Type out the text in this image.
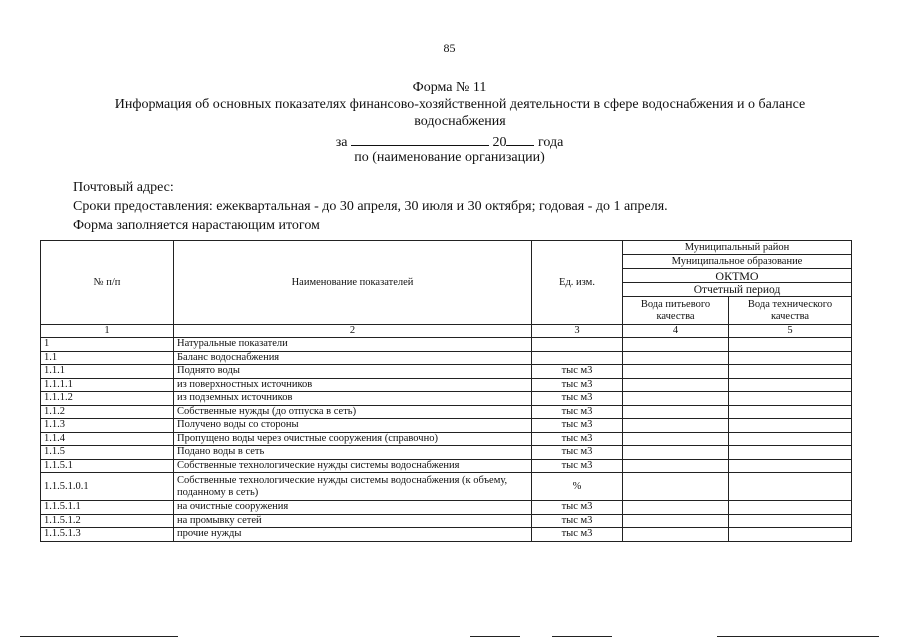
85
Форма № 11
Информация об основных показателях финансово-хозяйственной деятельности в сфере водоснабжения и о балансе водоснабжения
за	20 года
по (наименование организации)
Почтовый адрес:
Сроки предоставления: ежеквартальная - до 30 апреля, 30 июля и 30 октября; годовая - до 1 апреля.
Форма заполняется нарастающим итогом
№ п/п	Наименование показателей	Ед. изм.	Муниципальный район	
			Муниципальное образование	
			ОКТМО	
			Отчетный период	
			Вода питьевого качества	Вода технического качества
1	2	3	4	5
1	Натуральные показатели			
1.1	Баланс водоснабжения			
1.1.1	Поднято воды	тыс м3		
1.1.1.1	из поверхностных источников	тыс м3		
1.1.1.2	из подземных источников	тыс м3		
1.1.2	Собственные нужды (до отпуска в сеть)	тыс м3		
1.1.3	Получено воды со стороны	тыс м3		
1.1.4	Пропущено воды через очистные сооружения (справочно)	тыс м3		
1.1.5	Подано воды в сеть	тыс м3		
1.1.5.1	Собственные технологические нужды системы водоснабжения	тыс м3		
1.1.5.1.0.1	Собственные технологические нужды системы водоснабжения (к объему, поданному в сеть)	%		
1.1.5.1.1	на очистные сооружения	тыс м3		
1.1.5.1.2	на промывку сетей	тыс м3		
1.1.5.1.3	прочие нужды	тыс м3		
